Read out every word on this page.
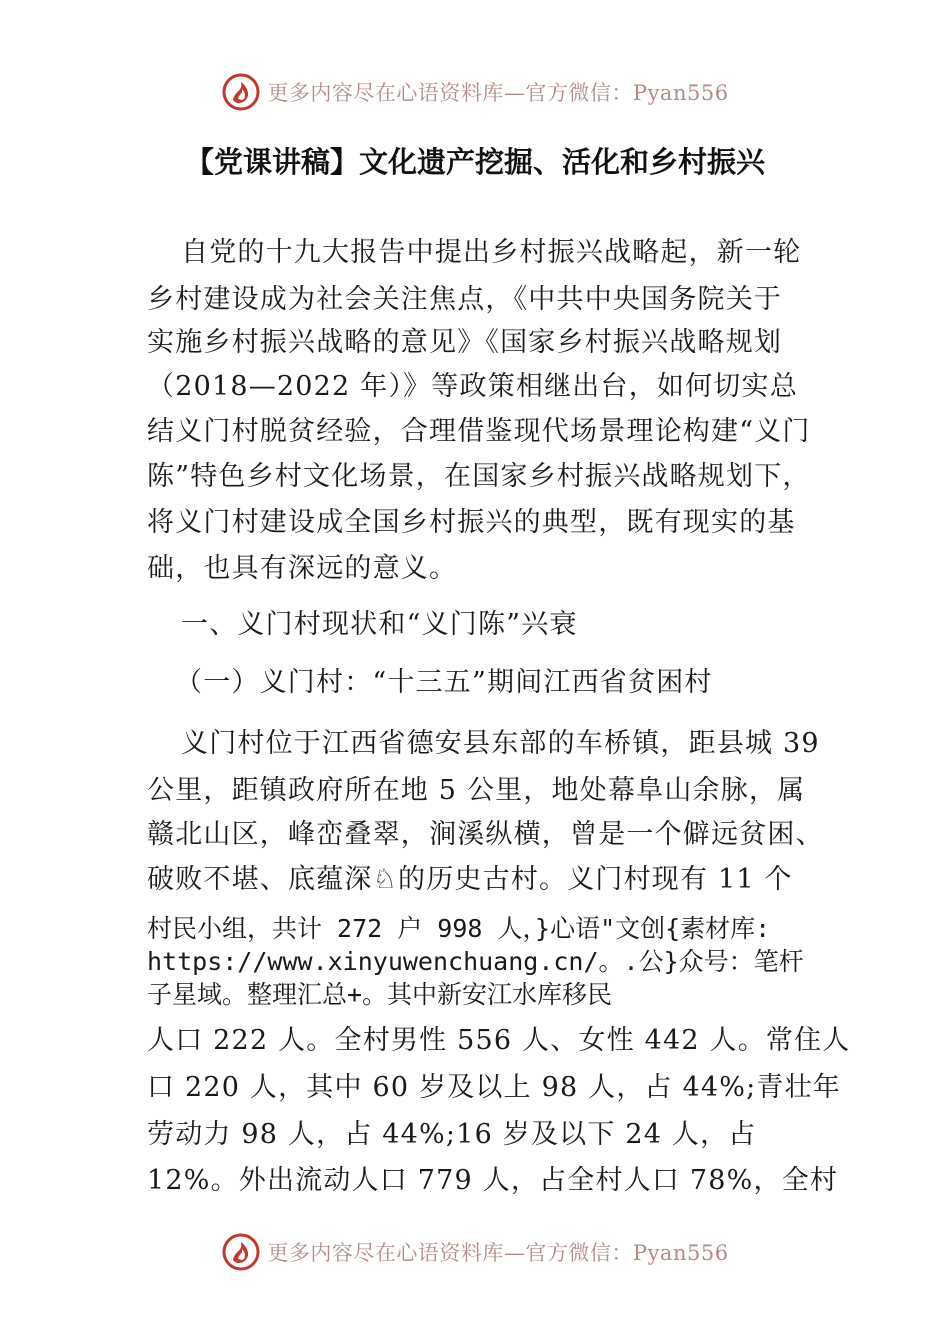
更多内容尽在心语资料库—官方微信：Pyan556
【党课讲稿】文化遗产挖掘、活化和乡村振兴
自党的十九大报告中提出乡村振兴战略起，新一轮
乡村建设成为社会关注焦点，《中共中央国务院关于
实施乡村振兴战略的意见》《国家乡村振兴战略规划
（2018—2022 年）》等政策相继出台，如何切实总
结义门村脱贫经验，合理借鉴现代场景理论构建“义门
陈”特色乡村文化场景，在国家乡村振兴战略规划下，
将义门村建设成全国乡村振兴的典型，既有现实的基
础，也具有深远的意义。
一、义门村现状和“义门陈”兴衰
（一）义门村：“十三五”期间江西省贫困村
义门村位于江西省德安县东部的车桥镇，距县城 39
公里，距镇政府所在地 5 公里，地处幕阜山余脉，属
赣北山区，峰峦叠翠，涧溪纵横，曾是一个僻远贫困、
破败不堪、底蕴深♘的历史古村。义门村现有 11 个
村民小组，共计 272 户 998 人，}心语"文创{素材库:
https://www.xinyuwenchuang.cn/。.公}众号：笔杆
子星域。整理汇总+。其中新安江水库移民
人口 222 人。全村男性 556 人、女性 442 人。常住人
口 220 人，其中 60 岁及以上 98 人，占 44%;青壮年
劳动力 98 人，占 44%;16 岁及以下 24 人，占
12%。外出流动人口 779 人，占全村人口 78%，全村
更多内容尽在心语资料库—官方微信：Pyan556
